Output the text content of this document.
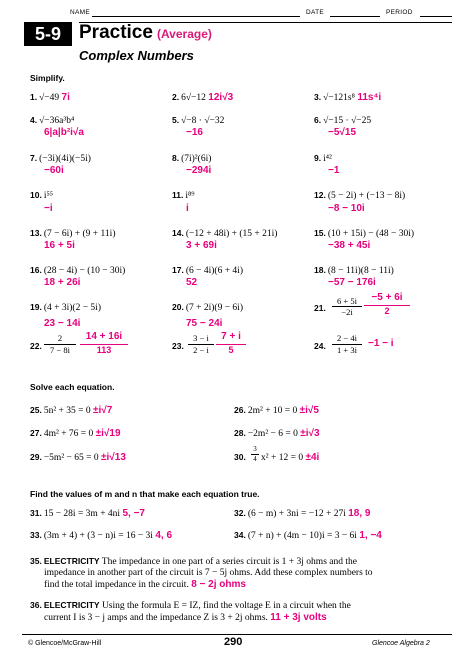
NAME	DATE	PERIOD
5-9 Practice (Average)
Complex Numbers
Simplify.
1. √−49 7i	2. 6√−12 12i√3	3. √−121s⁸ 11s⁴i
4. √−36a³b⁴
6|a|b²i√a
5. √−8 · √−32
−16
6. √−15 · √−25
−5√15
7. (−3i)(4i)(−5i)
−60i
8. (7i)²(6i)
−294i
9. i⁴²
−1
10. i⁵⁵
−i
11. i⁸⁹
i
12. (5 − 2i) + (−13 − 8i)
−8 − 10i
13. (7 − 6i) + (9 + 11i)
16 + 5i
14. (−12 + 48i) + (15 + 21i)
3 + 69i
15. (10 + 15i) − (48 − 30i)
−38 + 45i
16. (28 − 4i) − (10 − 30i)
18 + 26i
17. (6 − 4i)(6 + 4i)
52
18. (8 − 11i)(8 − 11i)
−57 − 176i
19. (4 + 3i)(2 − 5i)
23 − 14i
20. (7 + 2i)(9 − 6i)
75 − 24i
21.
6 + 5i
−2i
−5 + 6i
2
22.
2
7 − 8i
14 + 16i
113	23.
3 − i
2 − i
7 + i
5	24.
2 − 4i
1 + 3i
−1 − i
Solve each equation.
25. 5n² + 35 = 0 ±i√7	26. 2m² + 10 = 0 ±i√5
27. 4m² + 76 = 0 ±i√19	28. −2m² − 6 = 0 ±i√3
29. −5m² − 65 = 0 ±i√13	30.
3
4 x² + 12 = 0 ±4i
Find the values of m and n that make each equation true.
31. 15 − 28i = 3m + 4ni 5, −7	32. (6 − m) + 3ni = −12 + 27i 18, 9
33. (3m + 4) + (3 − n)i = 16 − 3i 4, 6	34. (7 + n) + (4m − 10)i = 3 − 6i 1, −4
35. ELECTRICITY The impedance in one part of a series circuit is 1 + 3j ohms and the
impedance in another part of the circuit is 7 − 5j ohms. Add these complex numbers to
find the total impedance in the circuit. 8 − 2j ohms
36. ELECTRICITY Using the formula E = IZ, find the voltage E in a circuit when the
current I is 3 − j amps and the impedance Z is 3 + 2j ohms. 11 + 3j volts
© Glencoe/McGraw-Hill	290	Glencoe Algebra 2
